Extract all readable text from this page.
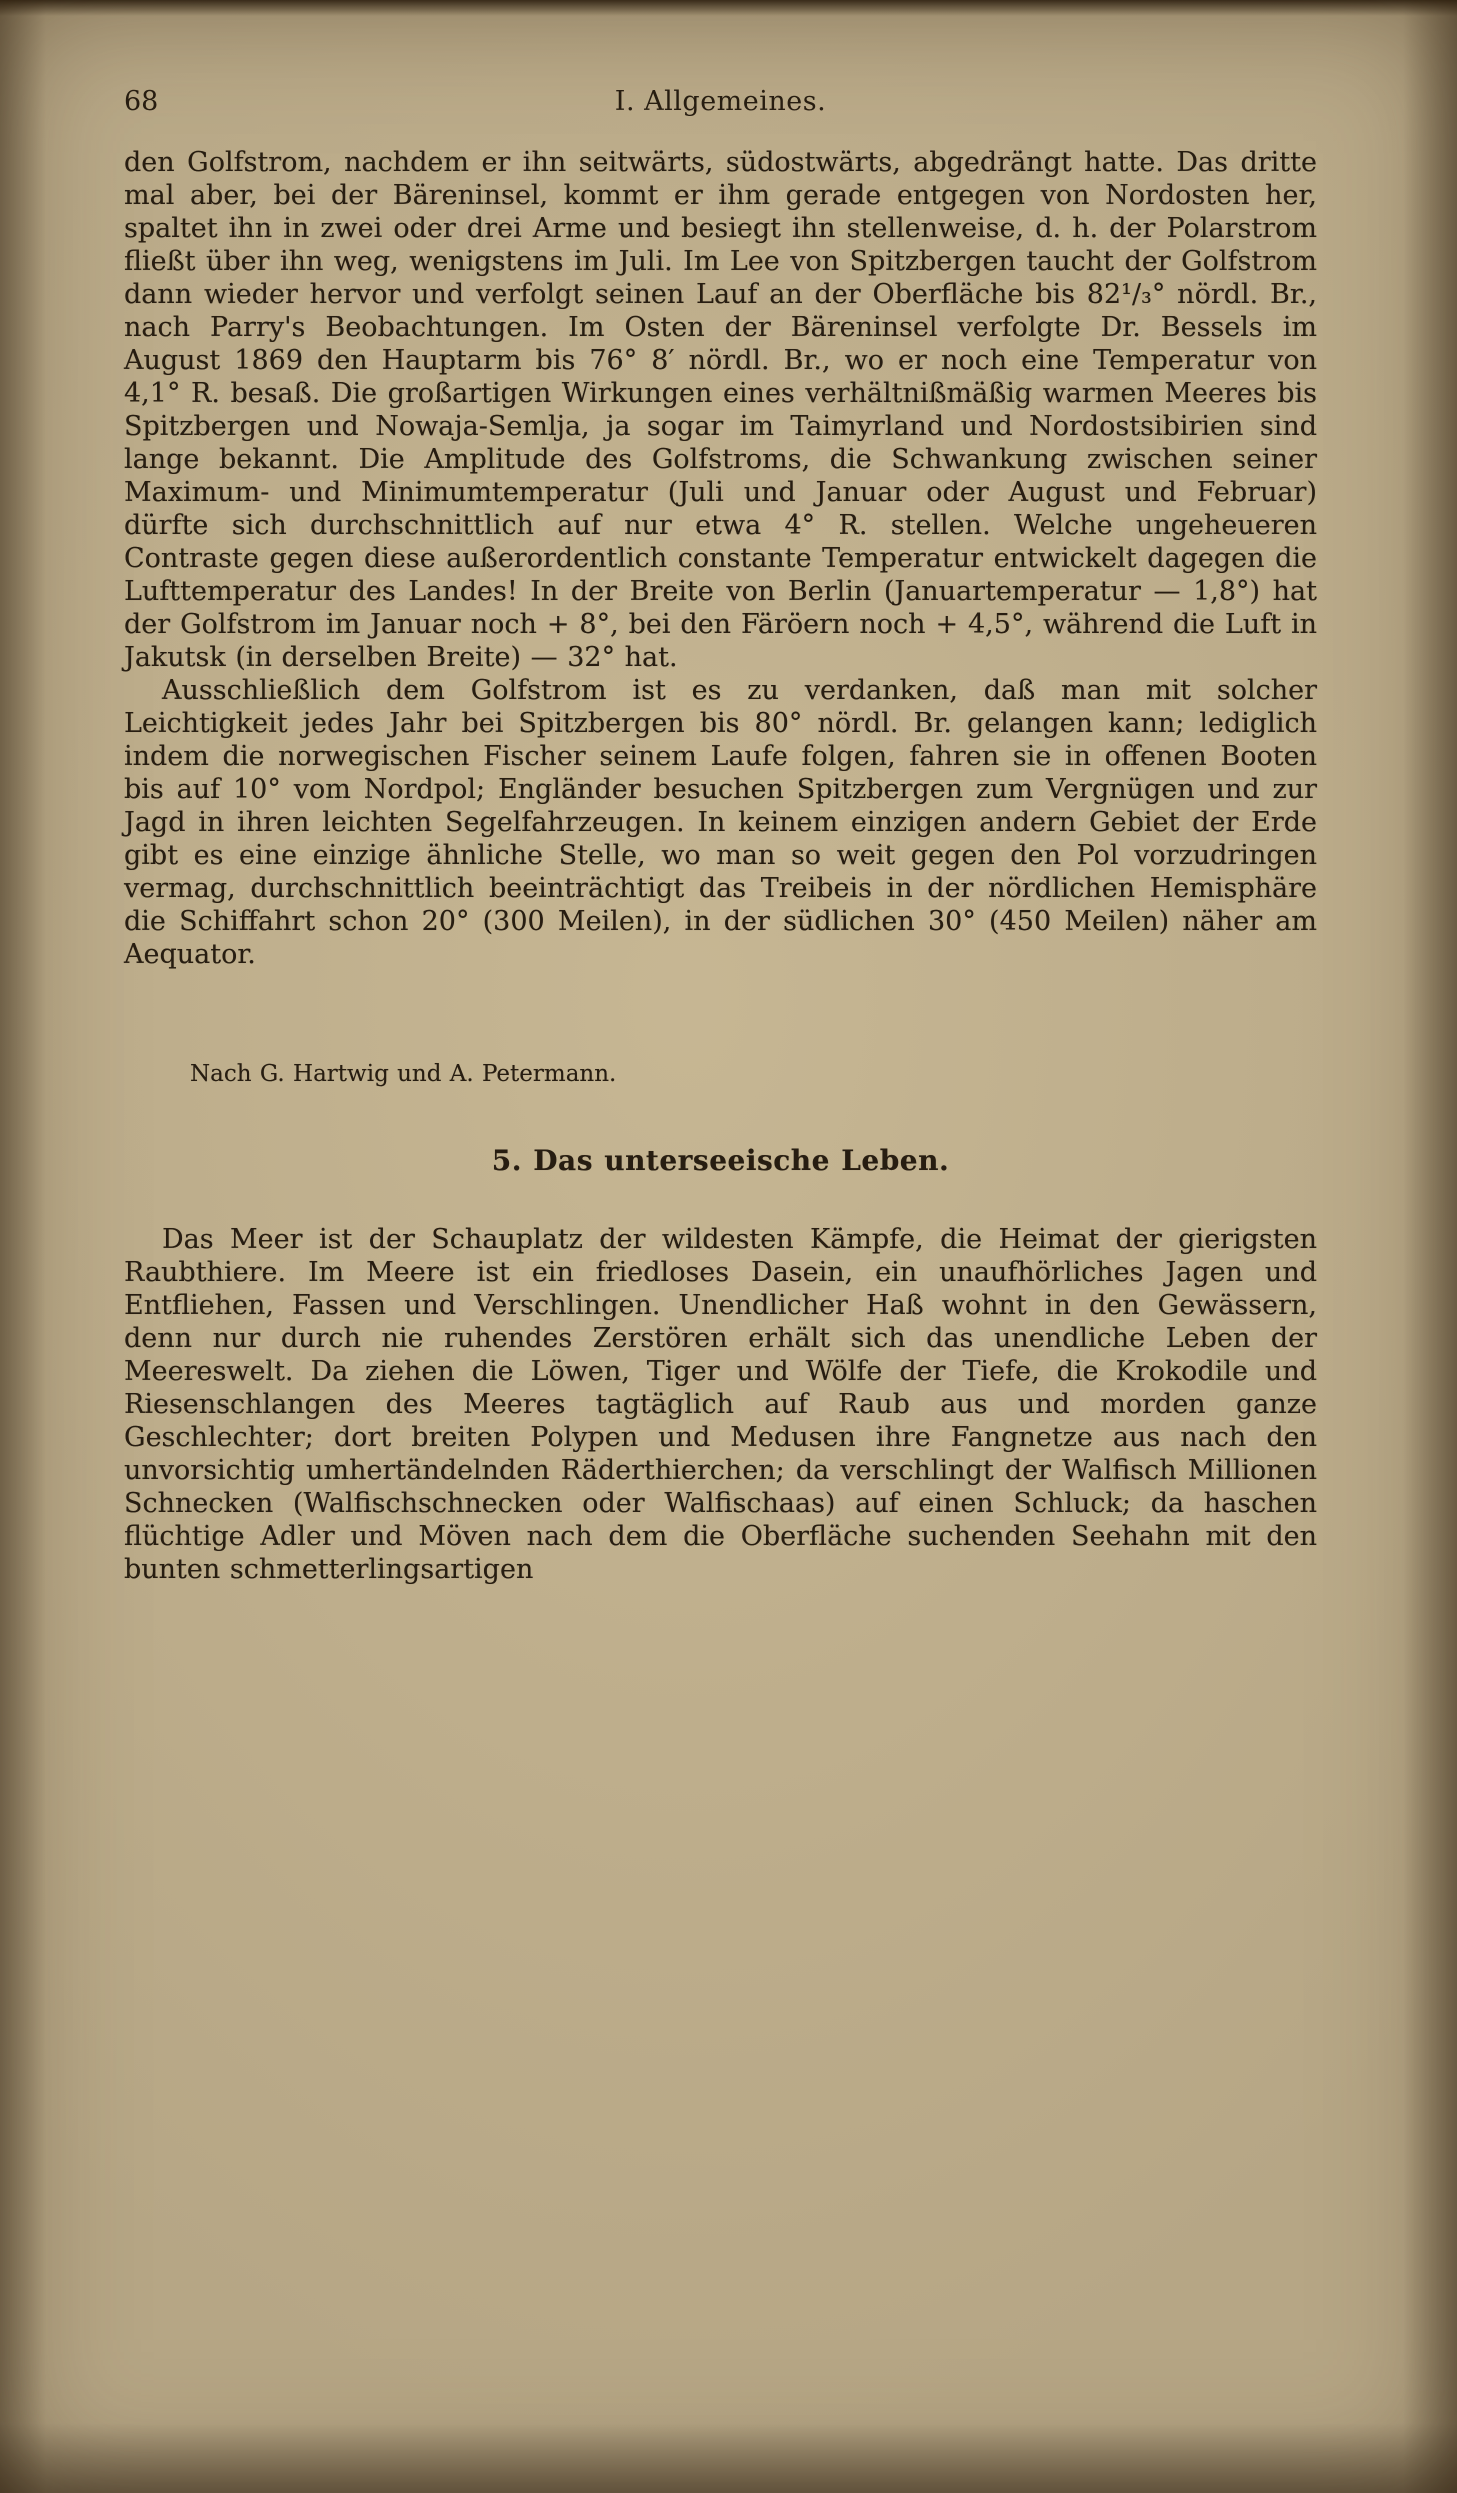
68	I. Allgemeines.

den Golfstrom, nachdem er ihn seitwärts, südostwärts, abgedrängt hatte. Das dritte mal aber, bei der Bäreninsel, kommt er ihm gerade entgegen von Nordosten her, spaltet ihn in zwei oder drei Arme und besiegt ihn stellenweise, d. h. der Polarstrom fließt über ihn weg, wenigstens im Juli. Im Lee von Spitzbergen taucht der Golfstrom dann wieder hervor und verfolgt seinen Lauf an der Oberfläche bis 82¹/₃° nördl. Br., nach Parry's Beobachtungen. Im Osten der Bäreninsel verfolgte Dr. Bessels im August 1869 den Hauptarm bis 76° 8′ nördl. Br., wo er noch eine Temperatur von 4,1° R. besaß. Die großartigen Wirkungen eines verhältnißmäßig warmen Meeres bis Spitzbergen und Nowaja-Semlja, ja sogar im Taimyrland und Nordostsibirien sind lange bekannt. Die Amplitude des Golfstroms, die Schwankung zwischen seiner Maximum- und Minimumtemperatur (Juli und Januar oder August und Februar) dürfte sich durchschnittlich auf nur etwa 4° R. stellen. Welche ungeheueren Contraste gegen diese außerordentlich constante Temperatur entwickelt dagegen die Lufttemperatur des Landes! In der Breite von Berlin (Januartemperatur — 1,8°) hat der Golfstrom im Januar noch + 8°, bei den Färöern noch + 4,5°, während die Luft in Jakutsk (in derselben Breite) — 32° hat.

Ausschließlich dem Golfstrom ist es zu verdanken, daß man mit solcher Leichtigkeit jedes Jahr bei Spitzbergen bis 80° nördl. Br. gelangen kann; lediglich indem die norwegischen Fischer seinem Laufe folgen, fahren sie in offenen Booten bis auf 10° vom Nordpol; Engländer besuchen Spitzbergen zum Vergnügen und zur Jagd in ihren leichten Segelfahrzeugen. In keinem einzigen andern Gebiet der Erde gibt es eine einzige ähnliche Stelle, wo man so weit gegen den Pol vorzudringen vermag, durchschnittlich beeinträchtigt das Treibeis in der nördlichen Hemisphäre die Schiffahrt schon 20° (300 Meilen), in der südlichen 30° (450 Meilen) näher am Aequator.

Nach G. Hartwig und A. Petermann.

5. Das unterseeische Leben.

Das Meer ist der Schauplatz der wildesten Kämpfe, die Heimat der gierigsten Raubthiere. Im Meere ist ein friedloses Dasein, ein unaufhörliches Jagen und Entfliehen, Fassen und Verschlingen. Unendlicher Haß wohnt in den Gewässern, denn nur durch nie ruhendes Zerstören erhält sich das unendliche Leben der Meereswelt. Da ziehen die Löwen, Tiger und Wölfe der Tiefe, die Krokodile und Riesenschlangen des Meeres tagtäglich auf Raub aus und morden ganze Geschlechter; dort breiten Polypen und Medusen ihre Fangnetze aus nach den unvorsichtig umhertändelnden Räderthierchen; da verschlingt der Walfisch Millionen Schnecken (Walfischschnecken oder Walfischaas) auf einen Schluck; da haschen flüchtige Adler und Möven nach dem die Oberfläche suchenden Seehahn mit den bunten schmetterlingsartigen
